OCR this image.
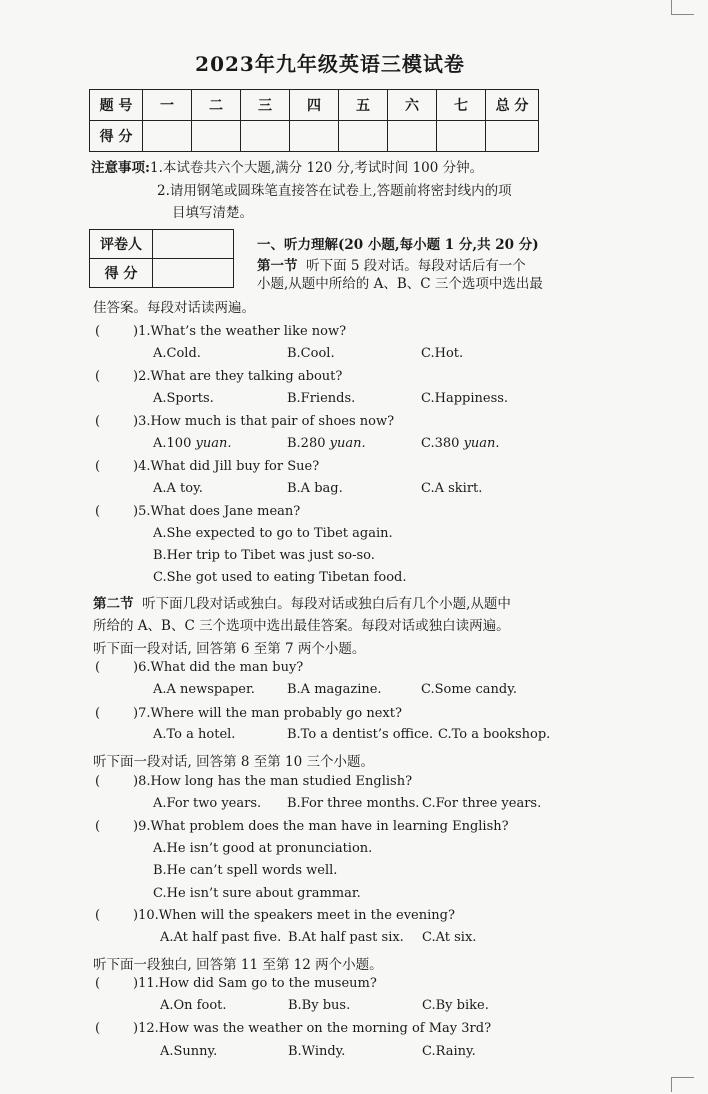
2023年九年级英语三模试卷
题 号	一	二	三	四	五	六	七	总 分
得 分								
注意事项:1.本试卷共六个大题,满分 120 分,考试时间 100 分钟。
2.请用钢笔或圆珠笔直接答在试卷上,答题前将密封线内的项
目填写清楚。
评卷人	
得 分	
一、听力理解(20 小题,每小题 1 分,共 20 分)
第一节 听下面 5 段对话。每段对话后有一个
小题,从题中所给的 A、B、C 三个选项中选出最
佳答案。每段对话读两遍。
(	)1.What’s the weather like now?
A.Cold.	B.Cool.	C.Hot.
(	)2.What are they talking about?
A.Sports.	B.Friends.	C.Happiness.
(	)3.How much is that pair of shoes now?
A.100 yuan.	B.280 yuan.	C.380 yuan.
(	)4.What did Jill buy for Sue?
A.A toy.	B.A bag.	C.A skirt.
(	)5.What does Jane mean?
A.She expected to go to Tibet again.
B.Her trip to Tibet was just so-so.
C.She got used to eating Tibetan food.
第二节 听下面几段对话或独白。每段对话或独白后有几个小题,从题中
所给的 A、B、C 三个选项中选出最佳答案。每段对话或独白读两遍。
听下面一段对话, 回答第 6 至第 7 两个小题。
(	)6.What did the man buy?
A.A newspaper. B.A magazine.	C.Some candy.
(	)7.Where will the man probably go next?
A.To a hotel.	B.To a dentist’s office. C.To a bookshop.
听下面一段对话, 回答第 8 至第 10 三个小题。
(	)8.How long has the man studied English?
A.For two years. B.For three months. C.For three years.
(	)9.What problem does the man have in learning English?
A.He isn’t good at pronunciation.
B.He can’t spell words well.
C.He isn’t sure about grammar.
(	)10.When will the speakers meet in the evening?
A.At half past five. B.At half past six. C.At six.
听下面一段独白, 回答第 11 至第 12 两个小题。
(	)11.How did Sam go to the museum?
A.On foot.	B.By bus.	C.By bike.
(	)12.How was the weather on the morning of May 3rd?
A.Sunny.	B.Windy.	C.Rainy.
